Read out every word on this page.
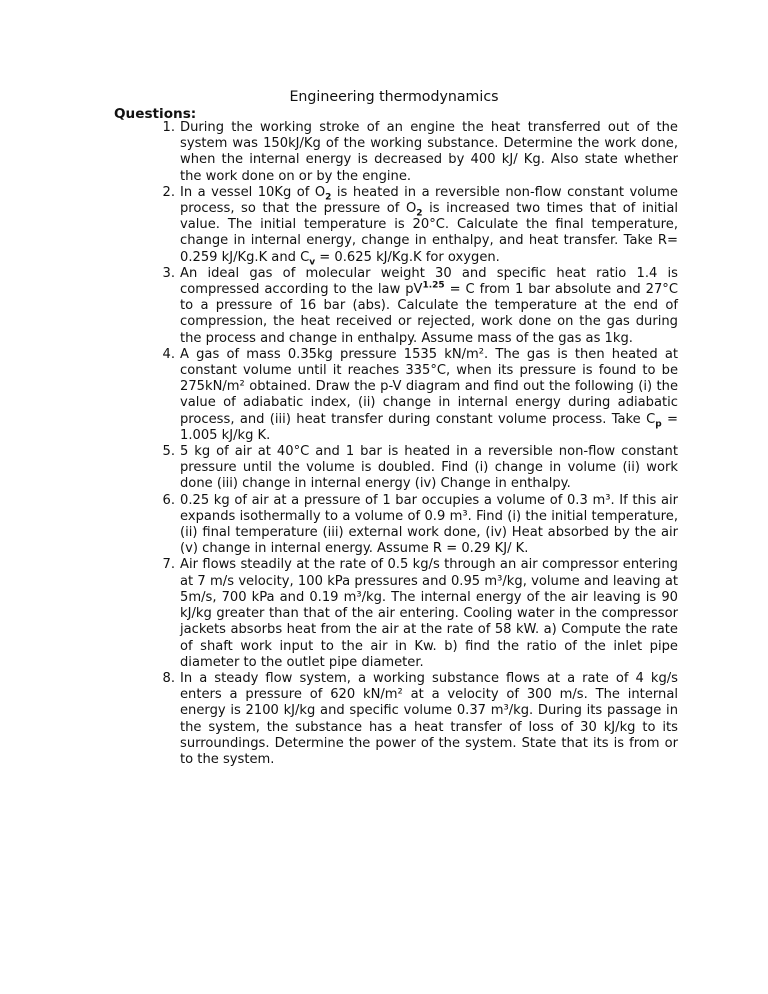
Engineering thermodynamics
Questions:
1. During the working stroke of an engine the heat transferred out of the system was 150kJ/Kg of the working substance. Determine the work done, when the internal energy is decreased by 400 kJ/ Kg. Also state whether the work done on or by the engine.
2. In a vessel 10Kg of $O_2$ is heated in a reversible non-flow constant volume process, so that the pressure of $O_2$ is increased two times that of initial value. The initial temperature is 20°C. Calculate the final temperature, change in internal energy, change in enthalpy, and heat transfer. Take R= 0.259 kJ/Kg.K and $C_v = 0.625$ kJ/Kg.K for oxygen.
3. An ideal gas of molecular weight 30 and specific heat ratio 1.4 is compressed according to the law $pV^{1.25} = C$ from 1 bar absolute and 27°C to a pressure of 16 bar (abs). Calculate the temperature at the end of compression, the heat received or rejected, work done on the gas during the process and change in enthalpy. Assume mass of the gas as 1kg.
4. A gas of mass 0.35kg pressure 1535 kN/m². The gas is then heated at constant volume until it reaches 335°C, when its pressure is found to be 275kN/m² obtained. Draw the p-V diagram and find out the following (i) the value of adiabatic index, (ii) change in internal energy during adiabatic process, and (iii) heat transfer during constant volume process. Take $C_p = 1.005$ kJ/kg K.
5. 5 kg of air at 40°C and 1 bar is heated in a reversible non-flow constant pressure until the volume is doubled. Find (i) change in volume (ii) work done (iii) change in internal energy (iv) Change in enthalpy.
6. 0.25 kg of air at a pressure of 1 bar occupies a volume of 0.3 m³. If this air expands isothermally to a volume of 0.9 m³. Find (i) the initial temperature, (ii) final temperature (iii) external work done, (iv) Heat absorbed by the air (v) change in internal energy. Assume R = 0.29 KJ/ K.
7. Air flows steadily at the rate of 0.5 kg/s through an air compressor entering at 7 m/s velocity, 100 kPa pressures and 0.95 m³/kg, volume and leaving at 5m/s, 700 kPa and 0.19 m³/kg. The internal energy of the air leaving is 90 kJ/kg greater than that of the air entering. Cooling water in the compressor jackets absorbs heat from the air at the rate of 58 kW. a) Compute the rate of shaft work input to the air in Kw. b) find the ratio of the inlet pipe diameter to the outlet pipe diameter.
8. In a steady flow system, a working substance flows at a rate of 4 kg/s enters a pressure of 620 kN/m² at a velocity of 300 m/s. The internal energy is 2100 kJ/kg and specific volume 0.37 m³/kg. During its passage in the system, the substance has a heat transfer of loss of 30 kJ/kg to its surroundings. Determine the power of the system. State that its is from or to the system.
